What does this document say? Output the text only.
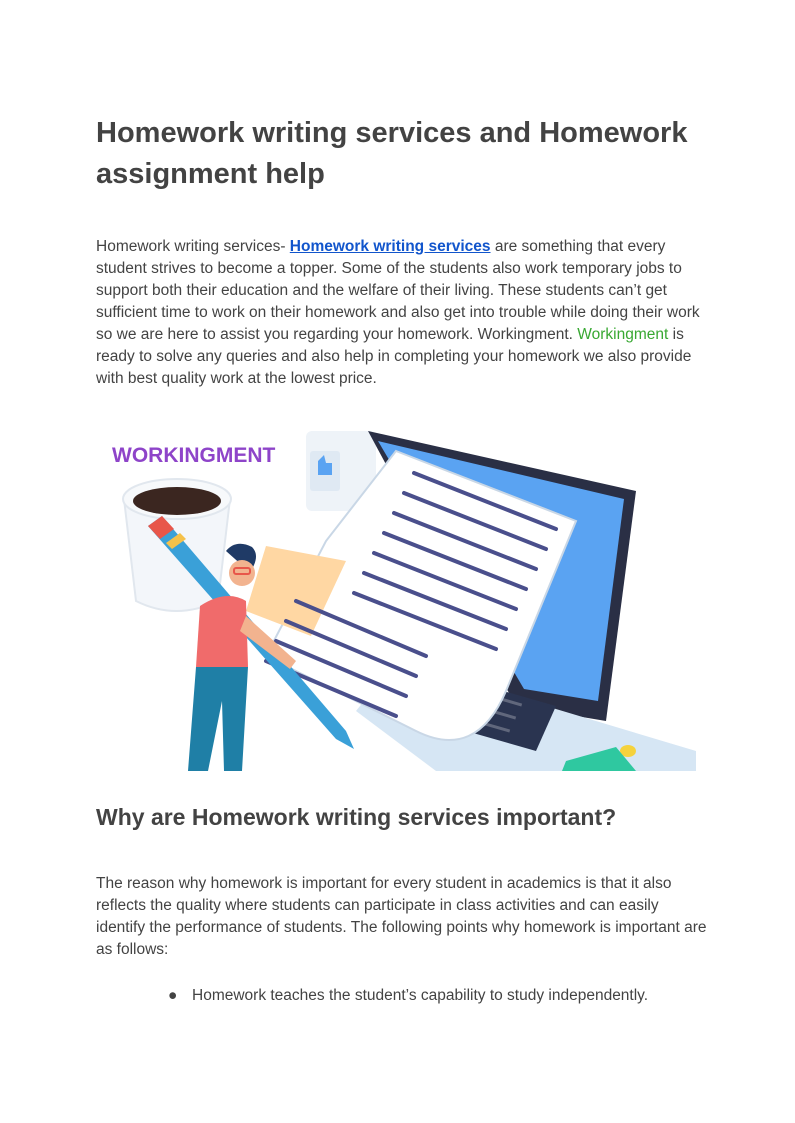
Homework writing services and Homework assignment help

Homework writing services- Homework writing services are something that every student strives to become a topper. Some of the students also work temporary jobs to support both their education and the welfare of their living. These students can’t get sufficient time to work on their homework and also get into trouble while doing their work so we are here to assist you regarding your homework. Workingment. Workingment is ready to solve any queries and also help in completing your homework we also provide with best quality work at the lowest price.

WORKINGMENT
Why are Homework writing services important?

The reason why homework is important for every student in academics is that it also reflects the quality where students can participate in class activities and can easily identify the performance of students. The following points why homework is important are as follows:

● Homework teaches the student’s capability to study independently.
